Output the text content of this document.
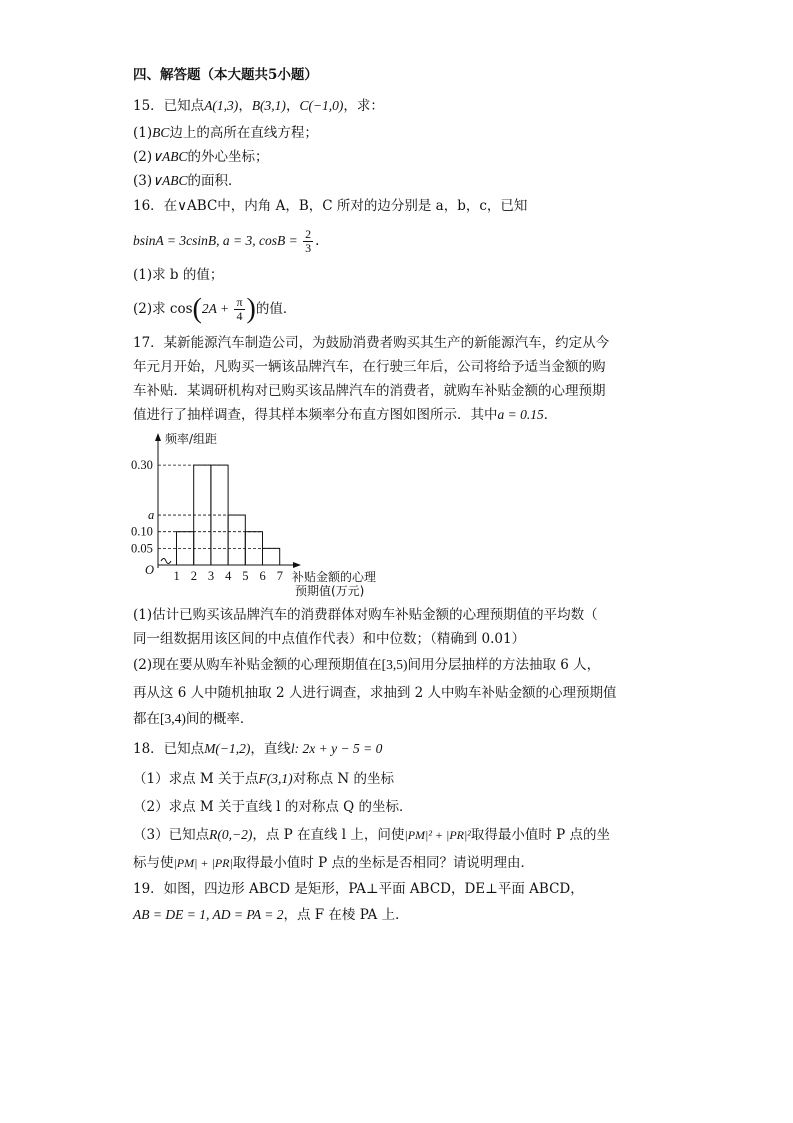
四、解答题（本大题共5小题）
15．已知点A(1,3)，B(3,1)，C(−1,0)，求：
(1)BC边上的高所在直线方程；
(2)∨ABC的外心坐标；
(3)∨ABC的面积．
16．在∨ABC中，内角 A，B，C 所对的边分别是 a，b，c，已知
bsinA = 3csinB, a = 3, $\cos B = \frac{2}{3}$ .
(1)求 b 的值；
(2)求 $\cos(2A + \frac{\pi}{4}$ )的值．
17．某新能源汽车制造公司，为鼓励消费者购买其生产的新能源汽车，约定从今
年元月开始，凡购买一辆该品牌汽车，在行驶三年后，公司将给予适当金额的购
车补贴．某调研机构对已购买该品牌汽车的消费者，就购车补贴金额的心理预期
值进行了抽样调查，得其样本频率分布直方图如图所示．其中a = 0.15．
1 2 3 4 5 6 7
0.30
a
0.10
0.05
频率/组距
O	补贴金额的心理
预期值(万元)
(1)估计已购买该品牌汽车的消费群体对购车补贴金额的心理预期值的平均数（
同一组数据用该区间的中点值作代表）和中位数；（精确到 0.01）
(2)现在要从购车补贴金额的心理预期值在[3,5)间用分层抽样的方法抽取 6 人，
再从这 6 人中随机抽取 2 人进行调查，求抽到 2 人中购车补贴金额的心理预期值
都在[3,4)间的概率．
18．已知点M(−1,2)，直线l: 2x + y − 5 = 0
（1）求点 M 关于点F(3,1)对称点 N 的坐标
（2）求点 M 关于直线 l 的对称点 Q 的坐标．
（3）已知点R(0,−2)，点 P 在直线 l 上，问使|PM|² + |PR|²取得最小值时 P 点的坐
标与使|PM| + |PR|取得最小值时 P 点的坐标是否相同？请说明理由．
19．如图，四边形 ABCD 是矩形，PA⊥平面 ABCD，DE⊥平面 ABCD，
AB = DE = 1, AD = PA = 2，点 F 在棱 PA 上．
